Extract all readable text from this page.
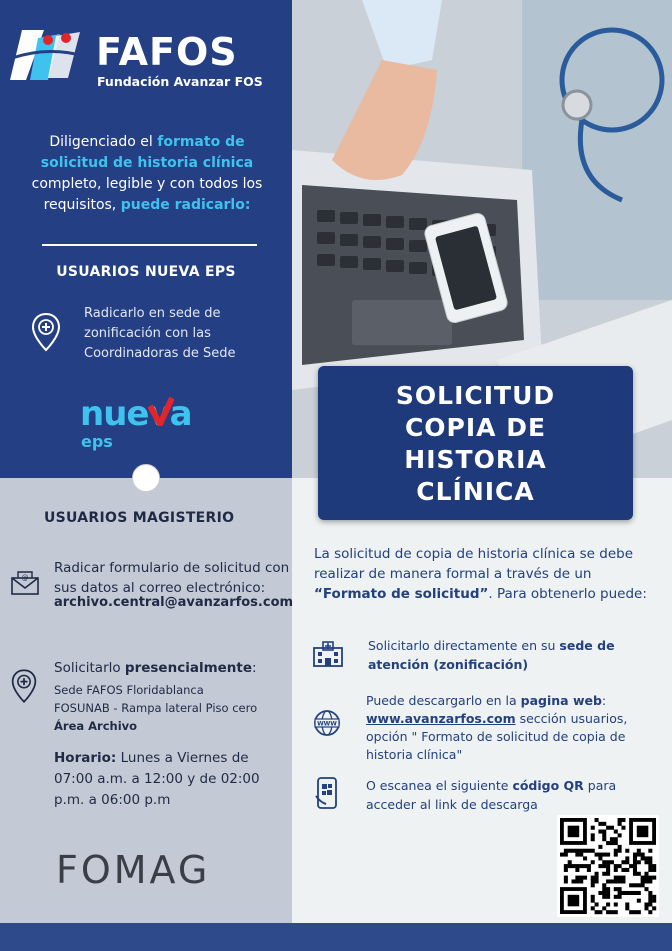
FAFOS
Fundación Avanzar FOS
Diligenciado el formato de solicitud de historia clínica completo, legible y con todos los requisitos, puede radicarlo:
USUARIOS NUEVA EPS
Radicarlo en sede de zonificación con las Coordinadoras de Sede
nueva
eps
USUARIOS MAGISTERIO
@
Radicar formulario de solicitud con sus datos al correo electrónico:
archivo.central@avanzarfos.com
Solicitarlo presencialmente:
Sede FAFOS Floridablanca
FOSUNAB - Rampa lateral Piso cero
Área Archivo
Horario: Lunes a Viernes de 07:00 a.m. a 12:00 y de 02:00 p.m. a 06:00 p.m
FOMAG
SOLICITUD
COPIA DE
HISTORIA
CLÍNICA
La solicitud de copia de historia clínica se debe realizar de manera formal a través de un “Formato de solicitud”. Para obtenerlo puede:
Solicitarlo directamente en su sede de atención (zonificación)
WWW
Puede descargarlo en la pagina web:
www.avanzarfos.com sección usuarios, opción " Formato de solicitud de copia de historia clínica"
O escanea el siguiente código QR para acceder al link de descarga
